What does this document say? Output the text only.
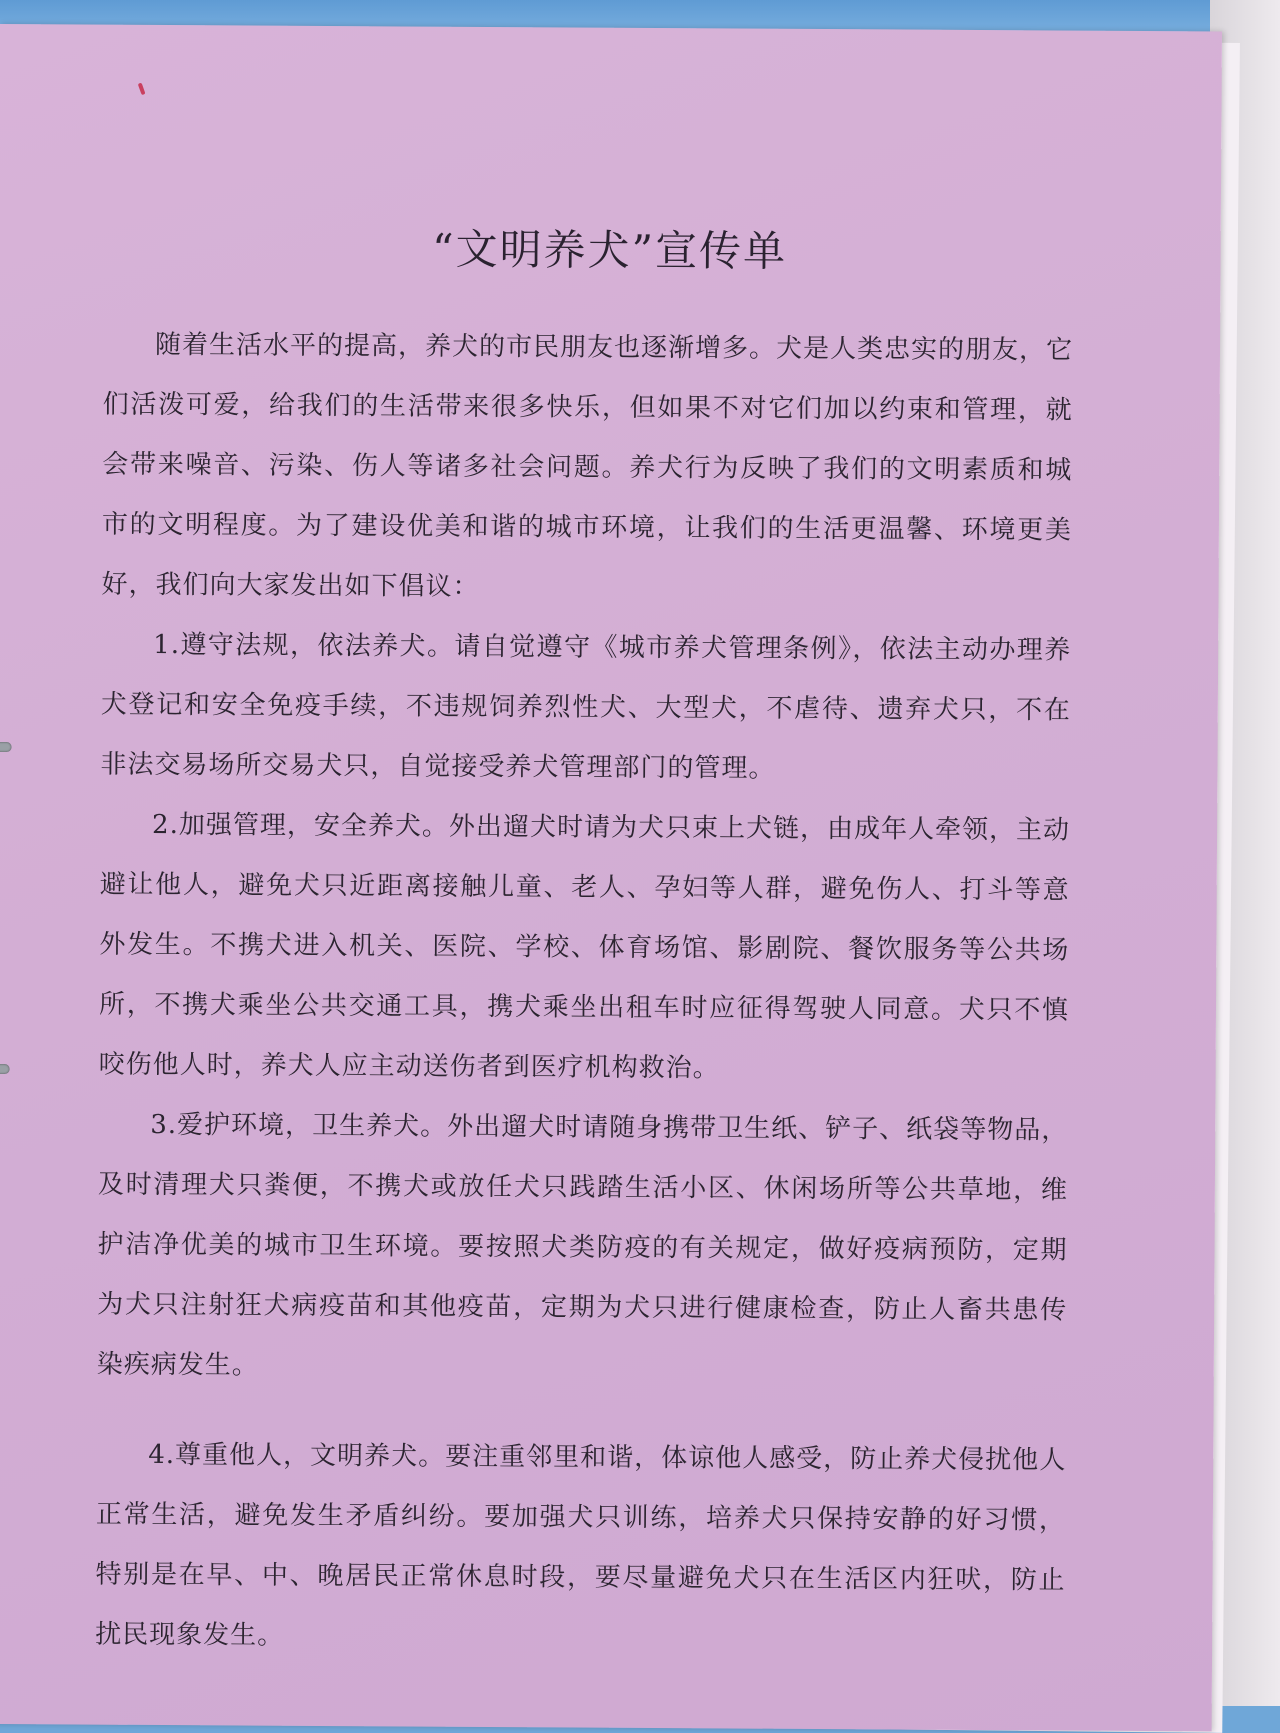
“文明养犬”宣传单

随着生活水平的提高，养犬的市民朋友也逐渐增多。犬是人类忠实的朋友，它们活泼可爱，给我们的生活带来很多快乐，但如果不对它们加以约束和管理，就会带来噪音、污染、伤人等诸多社会问题。养犬行为反映了我们的文明素质和城市的文明程度。为了建设优美和谐的城市环境，让我们的生活更温馨、环境更美好，我们向大家发出如下倡议：

1.遵守法规，依法养犬。请自觉遵守《城市养犬管理条例》，依法主动办理养犬登记和安全免疫手续，不违规饲养烈性犬、大型犬，不虐待、遗弃犬只，不在非法交易场所交易犬只，自觉接受养犬管理部门的管理。

2.加强管理，安全养犬。外出遛犬时请为犬只束上犬链，由成年人牵领，主动避让他人，避免犬只近距离接触儿童、老人、孕妇等人群，避免伤人、打斗等意外发生。不携犬进入机关、医院、学校、体育场馆、影剧院、餐饮服务等公共场所，不携犬乘坐公共交通工具，携犬乘坐出租车时应征得驾驶人同意。犬只不慎咬伤他人时，养犬人应主动送伤者到医疗机构救治。

3.爱护环境，卫生养犬。外出遛犬时请随身携带卫生纸、铲子、纸袋等物品，及时清理犬只粪便，不携犬或放任犬只践踏生活小区、休闲场所等公共草地，维护洁净优美的城市卫生环境。要按照犬类防疫的有关规定，做好疫病预防，定期为犬只注射狂犬病疫苗和其他疫苗，定期为犬只进行健康检查，防止人畜共患传染疾病发生。

4.尊重他人，文明养犬。要注重邻里和谐，体谅他人感受，防止养犬侵扰他人正常生活，避免发生矛盾纠纷。要加强犬只训练，培养犬只保持安静的好习惯，特别是在早、中、晚居民正常休息时段，要尽量避免犬只在生活区内狂吠，防止扰民现象发生。
